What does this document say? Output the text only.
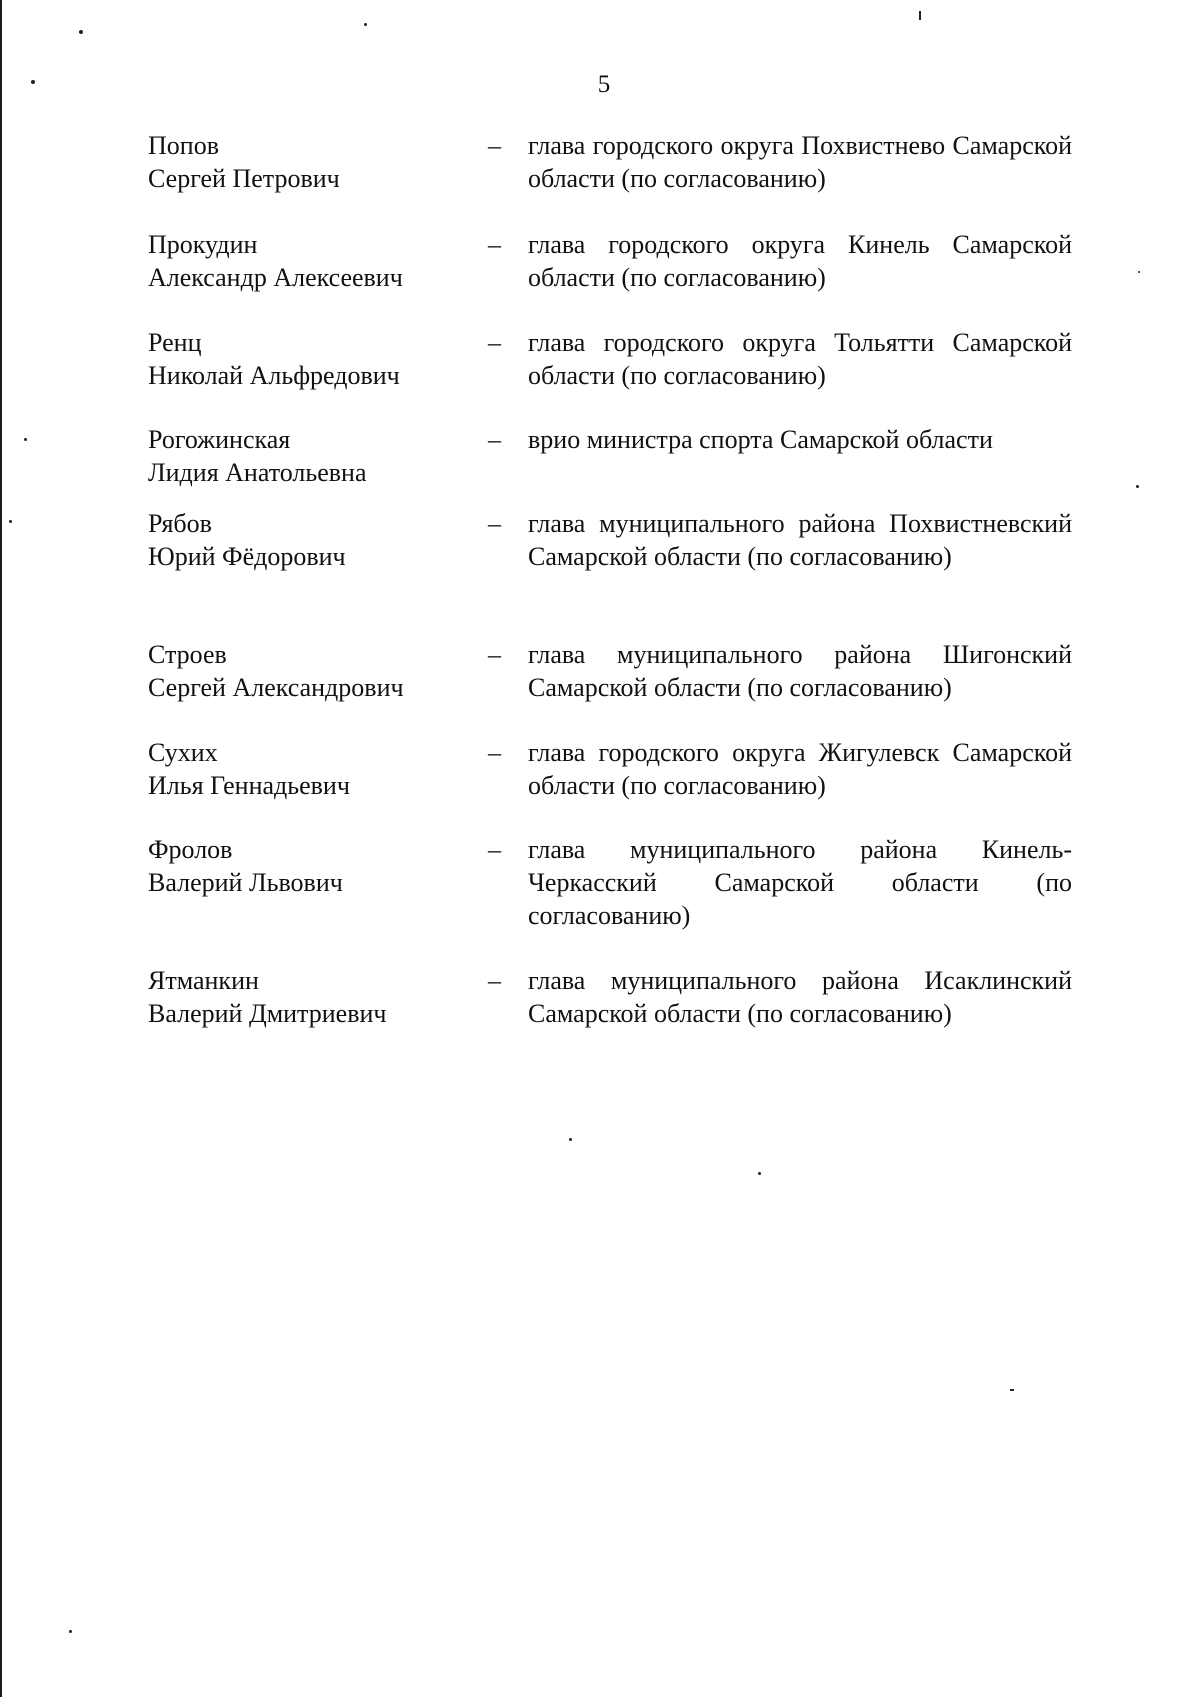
5
Попов
Сергей Петрович
–	глава городского округа Похвистнево Самарской области (по согласованию)
Прокудин
Александр Алексеевич
–	глава городского округа Кинель Самарской области (по согласованию)
Ренц
Николай Альфредович
–	глава городского округа Тольятти Самарской области (по согласованию)
Рогожинская
Лидия Анатольевна
–	врио министра спорта Самарской области
Рябов
Юрий Фёдорович
–	глава муниципального района Похвистневский Самарской области (по согласованию)
Строев
Сергей Александрович
–	глава муниципального района Шигонский Самарской области (по согласованию)
Сухих
Илья Геннадьевич
–	глава городского округа Жигулевск Самарской области (по согласованию)
Фролов
Валерий Львович
–	глава муниципального района Кинель-Черкасский Самарской области (по согласованию)
Ятманкин
Валерий Дмитриевич
–	глава муниципального района Исаклинский Самарской области (по согласованию)
